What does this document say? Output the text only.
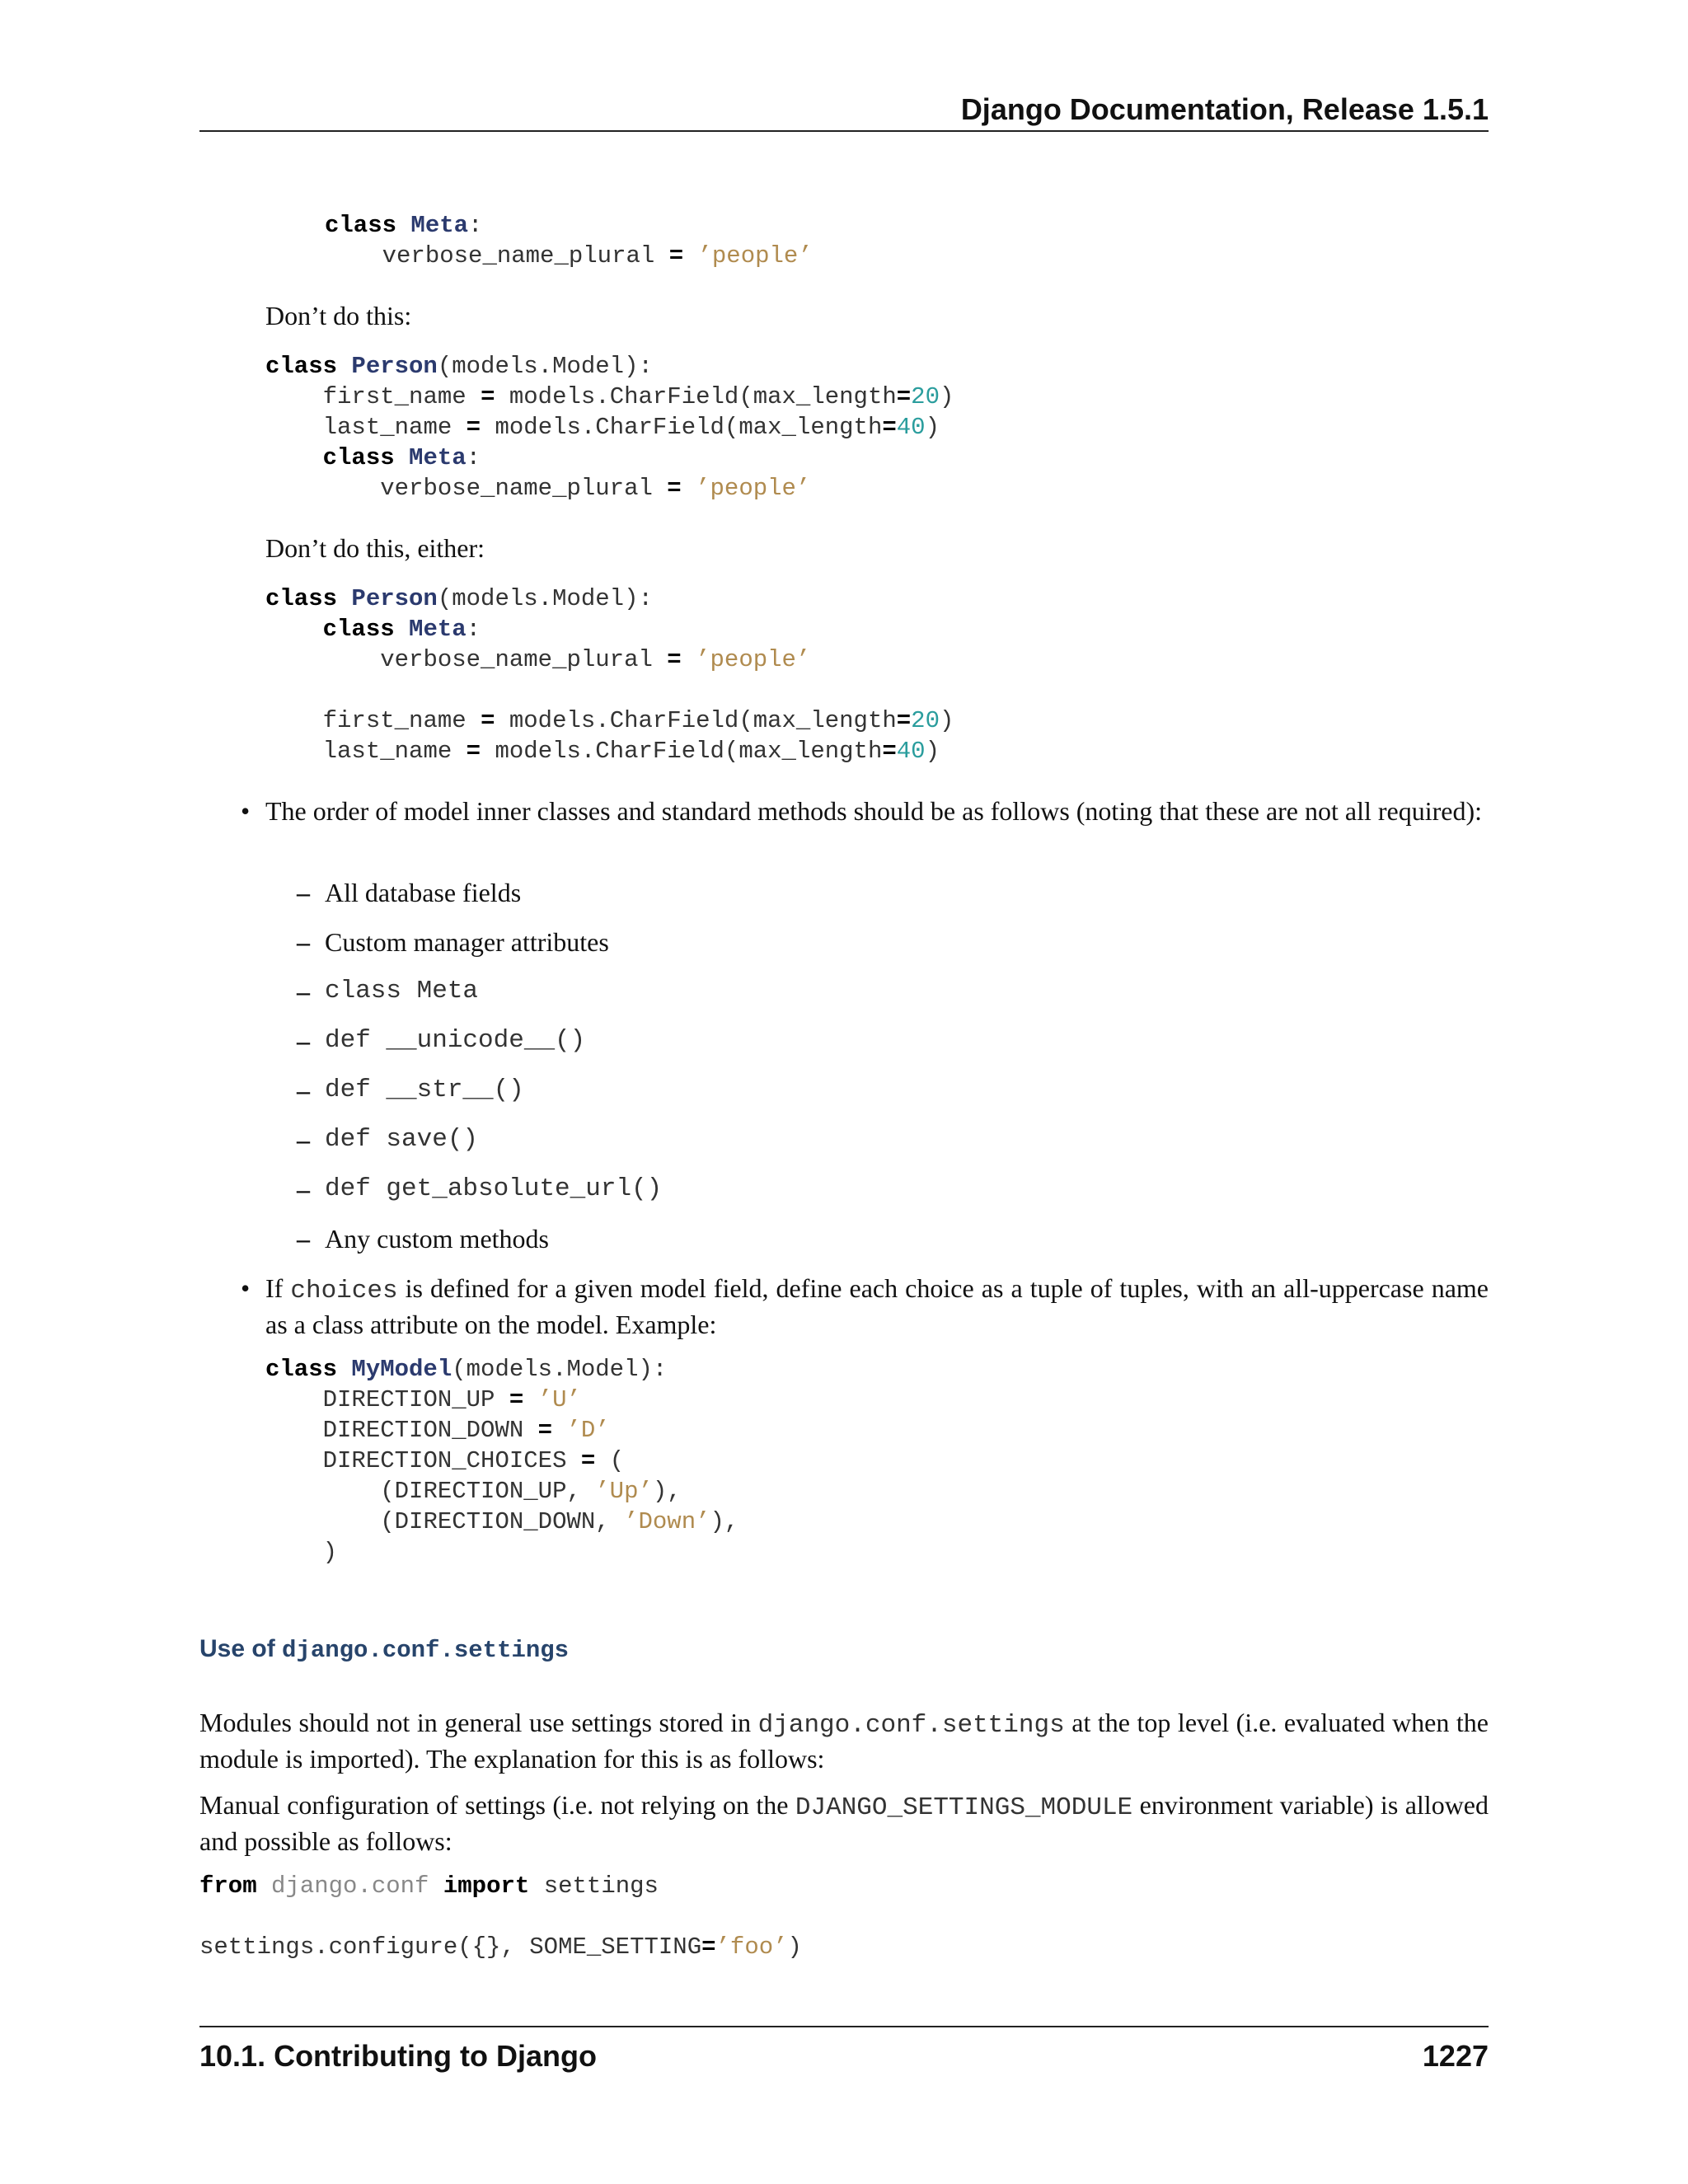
Django Documentation, Release 1.5.1
class Meta:
verbose_name_plural = ’people’

Don’t do this:

class Person(models.Model):
first_name = models.CharField(max_length=20)
last_name = models.CharField(max_length=40)
class Meta:
verbose_name_plural = ’people’

Don’t do this, either:

class Person(models.Model):
class Meta:
verbose_name_plural = ’people’

first_name = models.CharField(max_length=20)
last_name = models.CharField(max_length=40)
• The order of model inner classes and standard methods should be as follows (noting that these are not all required):

– All database fields

– Custom manager attributes

– class Meta

– def __unicode__()

– def __str__()

– def save()

– def get_absolute_url()

– Any custom methods

• If choices is defined for a given model field, define each choice as a tuple of tuples, with an all-uppercase name as a class attribute on the model. Example:

class MyModel(models.Model):
DIRECTION_UP = ’U’
DIRECTION_DOWN = ’D’
DIRECTION_CHOICES = (
(DIRECTION_UP, ’Up’),
(DIRECTION_DOWN, ’Down’),
)
Use of django.conf.settings

Modules should not in general use settings stored in django.conf.settings at the top level (i.e. evaluated when the module is imported). The explanation for this is as follows:

Manual configuration of settings (i.e. not relying on the DJANGO_SETTINGS_MODULE environment variable) is allowed and possible as follows:

from django.conf import settings

settings.configure({}, SOME_SETTING=’foo’)
10.1. Contributing to Django	1227
